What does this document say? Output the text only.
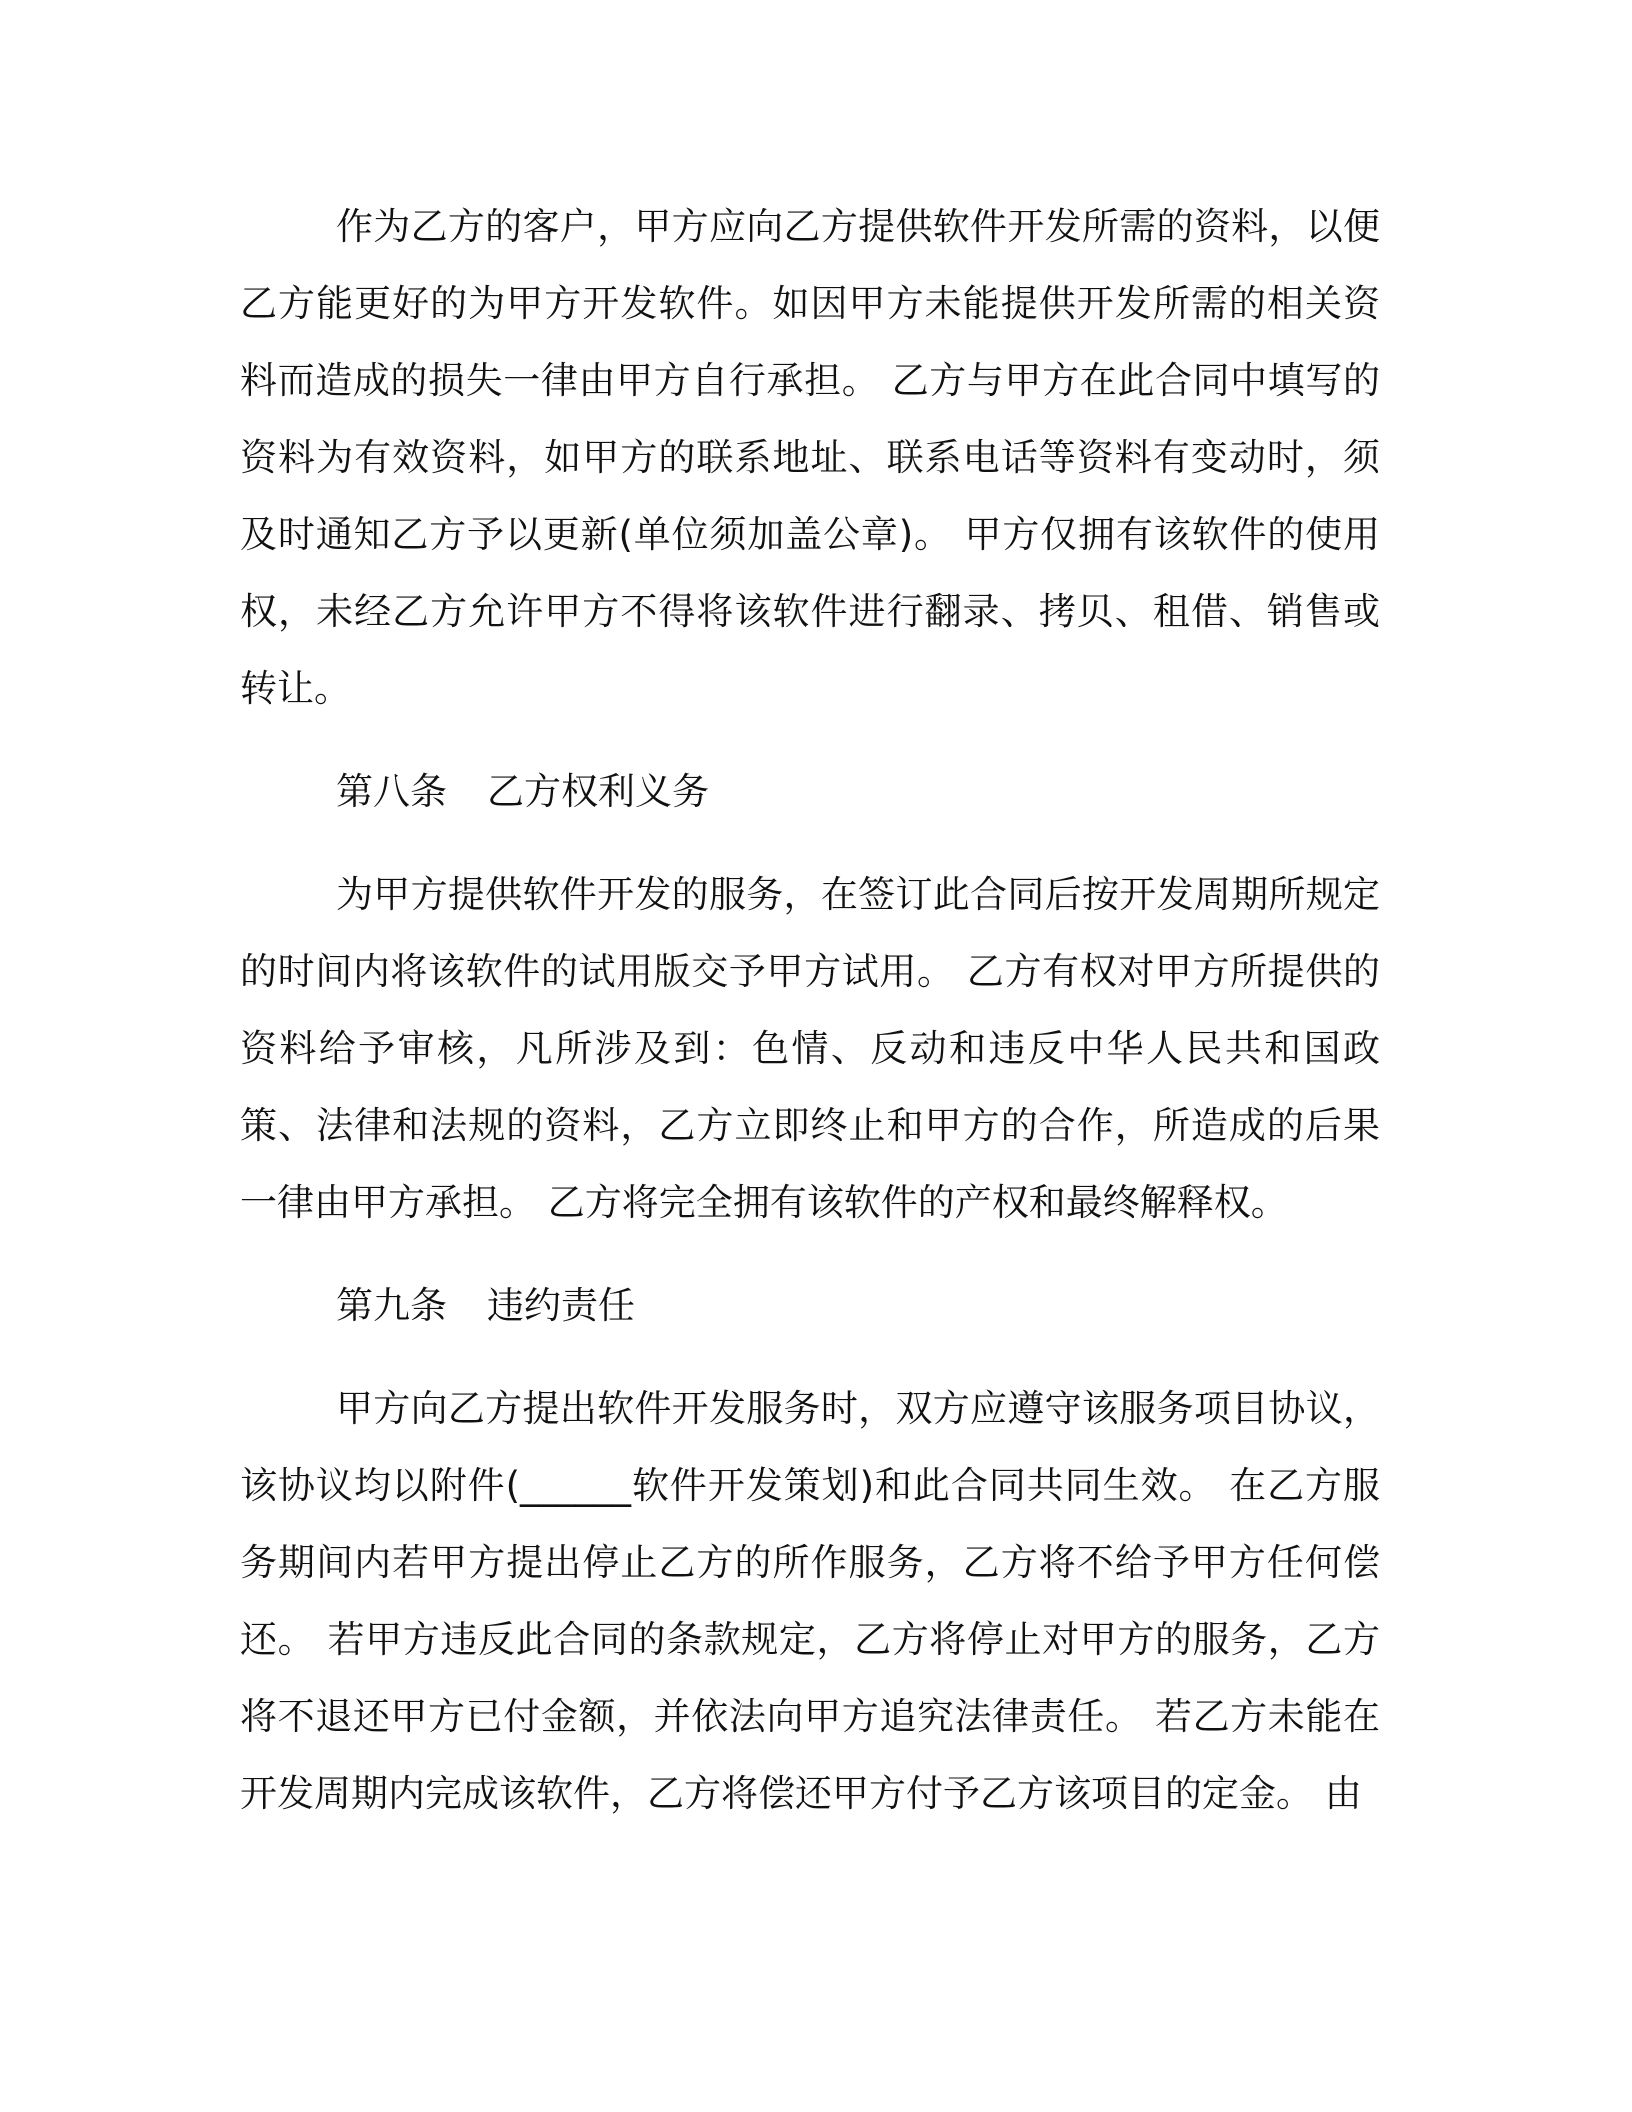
作为乙方的客户，甲方应向乙方提供软件开发所需的资料，以便乙方能更好的为甲方开发软件。如因甲方未能提供开发所需的相关资料而造成的损失一律由甲方自行承担。 乙方与甲方在此合同中填写的资料为有效资料，如甲方的联系地址、联系电话等资料有变动时，须及时通知乙方予以更新(单位须加盖公章)。 甲方仅拥有该软件的使用权，未经乙方允许甲方不得将该软件进行翻录、拷贝、租借、销售或转让。

第八条 乙方权利义务

为甲方提供软件开发的服务，在签订此合同后按开发周期所规定的时间内将该软件的试用版交予甲方试用。 乙方有权对甲方所提供的资料给予审核，凡所涉及到：色情、反动和违反中华人民共和国政策、法律和法规的资料，乙方立即终止和甲方的合作，所造成的后果一律由甲方承担。 乙方将完全拥有该软件的产权和最终解释权。

第九条 违约责任

甲方向乙方提出软件开发服务时，双方应遵守该服务项目协议，该协议均以附件(______软件开发策划)和此合同共同生效。 在乙方服务期间内若甲方提出停止乙方的所作服务，乙方将不给予甲方任何偿还。 若甲方违反此合同的条款规定，乙方将停止对甲方的服务，乙方将不退还甲方已付金额，并依法向甲方追究法律责任。 若乙方未能在开发周期内完成该软件，乙方将偿还甲方付予乙方该项目的定金。 由
